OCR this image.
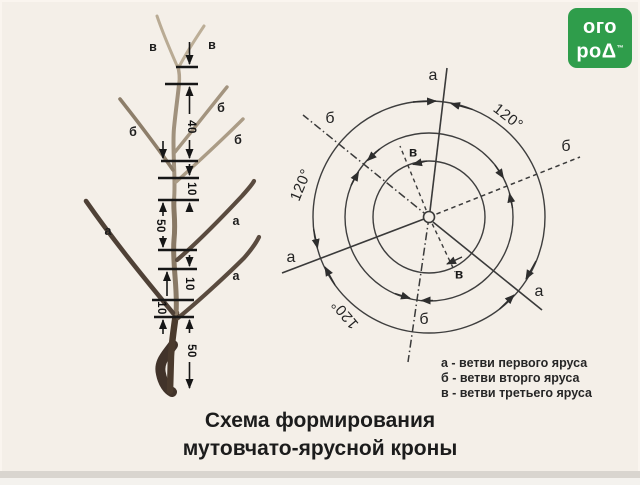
в	в
б
б
б
а
а
а
40
10
50
10
10
50
а
а
а
б
б
б
в
в
120°
120°
120°
а - ветви первого яруса
б - ветви вторго яруса
в - ветви третьего яруса
Схема формирования
мутовчато-ярусной кроны
ого
роΔ™
